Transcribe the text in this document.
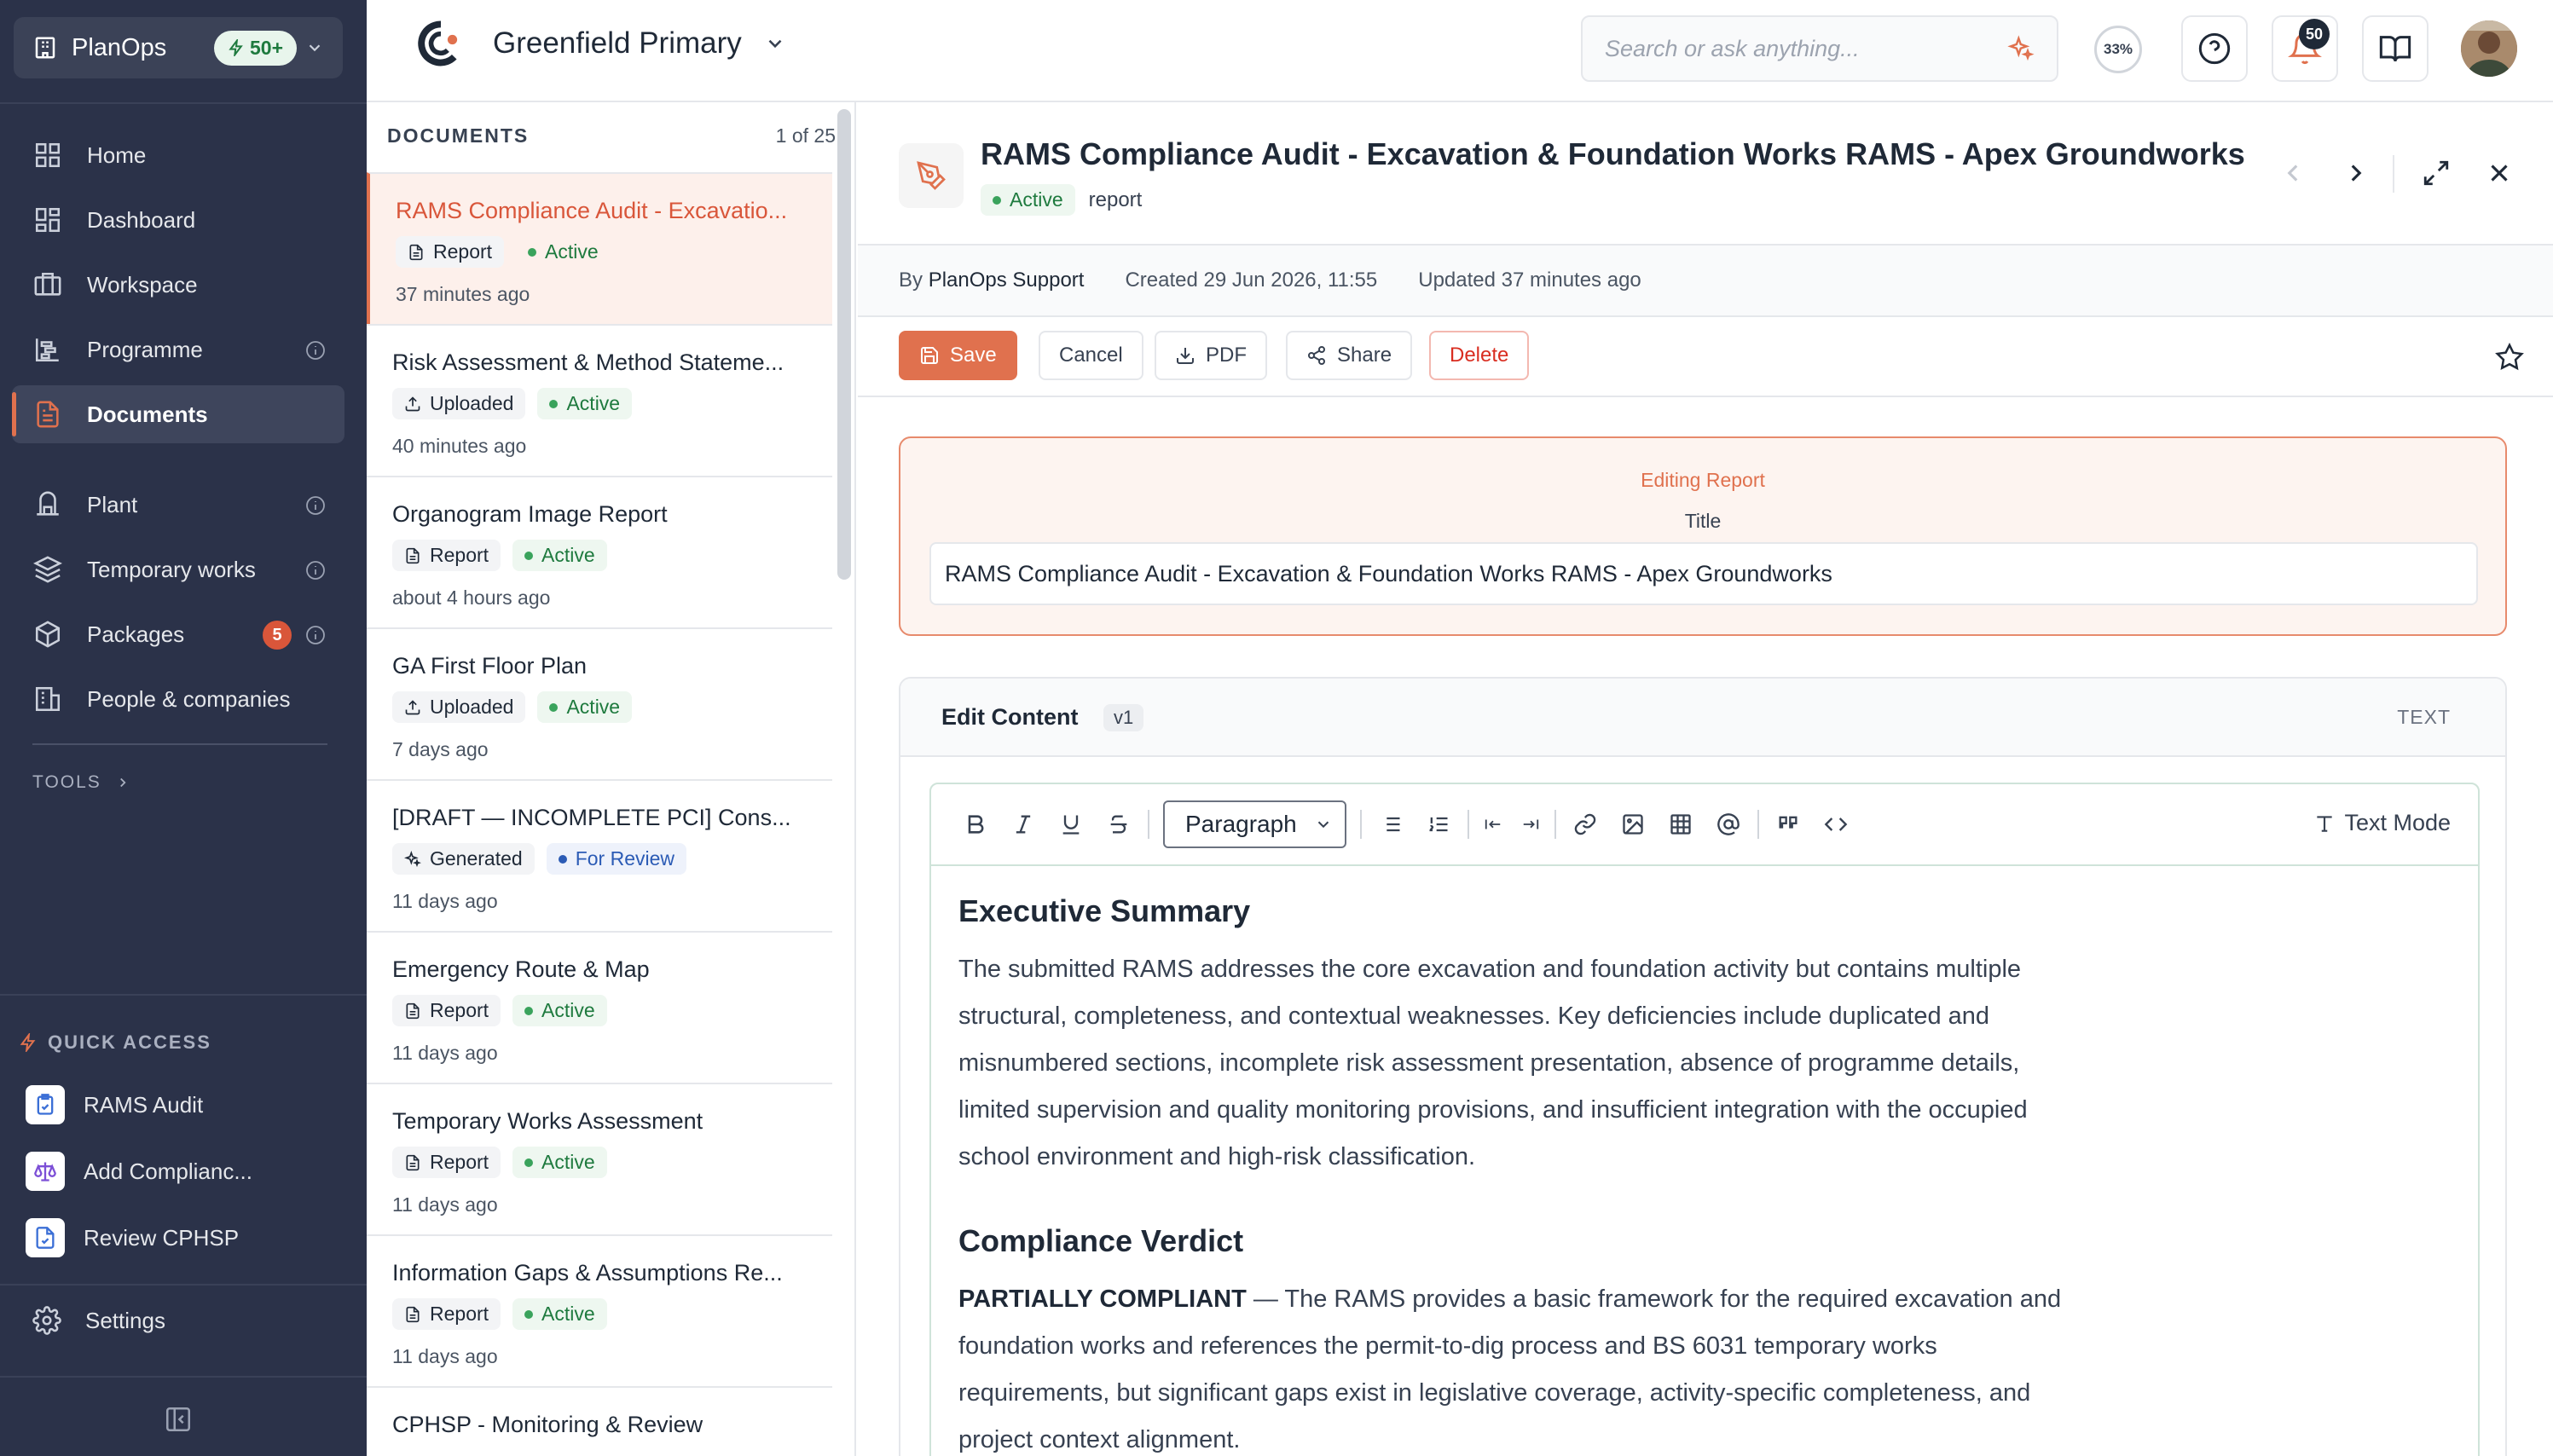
PlanOps	50+
Home
Dashboard
Workspace
Programme
Documents
Plant
Temporary works
Packages	5
People & companies
TOOLS
QUICK ACCESS
RAMS Audit
Add Complianc...
Review CPHSP
Settings
Greenfield Primary
Search or ask anything...	33%
50
DOCUMENTS	1 of 25
RAMS Compliance Audit - Excavatio...
Report	Active
37 minutes ago
Risk Assessment & Method Stateme...
Uploaded	Active
40 minutes ago
Organogram Image Report
Report	Active
about 4 hours ago
GA First Floor Plan
Uploaded	Active
7 days ago
[DRAFT — INCOMPLETE PCI] Cons...
Generated	For Review
11 days ago
Emergency Route & Map
Report	Active
11 days ago
Temporary Works Assessment
Report	Active
11 days ago
Information Gaps & Assumptions Re...
Report	Active
11 days ago
CPHSP - Monitoring & Review
RAMS Compliance Audit - Excavation & Foundation Works RAMS - Apex Groundworks
Active report
By PlanOps Support Created 29 Jun 2026, 11:55 Updated 37 minutes ago
Save	Cancel	PDF	Share	Delete
Editing Report
Title
RAMS Compliance Audit - Excavation & Foundation Works RAMS - Apex Groundworks
Edit Content	v1	TEXT
Paragraph	Text Mode
Executive Summary

The submitted RAMS addresses the core excavation and foundation activity but contains multiple structural, completeness, and contextual weaknesses. Key deficiencies include duplicated and misnumbered sections, incomplete risk assessment presentation, absence of programme details, limited supervision and quality monitoring provisions, and insufficient integration with the occupied school environment and high-risk classification.

Compliance Verdict

PARTIALLY COMPLIANT — The RAMS provides a basic framework for the required excavation and foundation works and references the permit-to-dig process and BS 6031 temporary works requirements, but significant gaps exist in legislative coverage, activity-specific completeness, and project context alignment.
